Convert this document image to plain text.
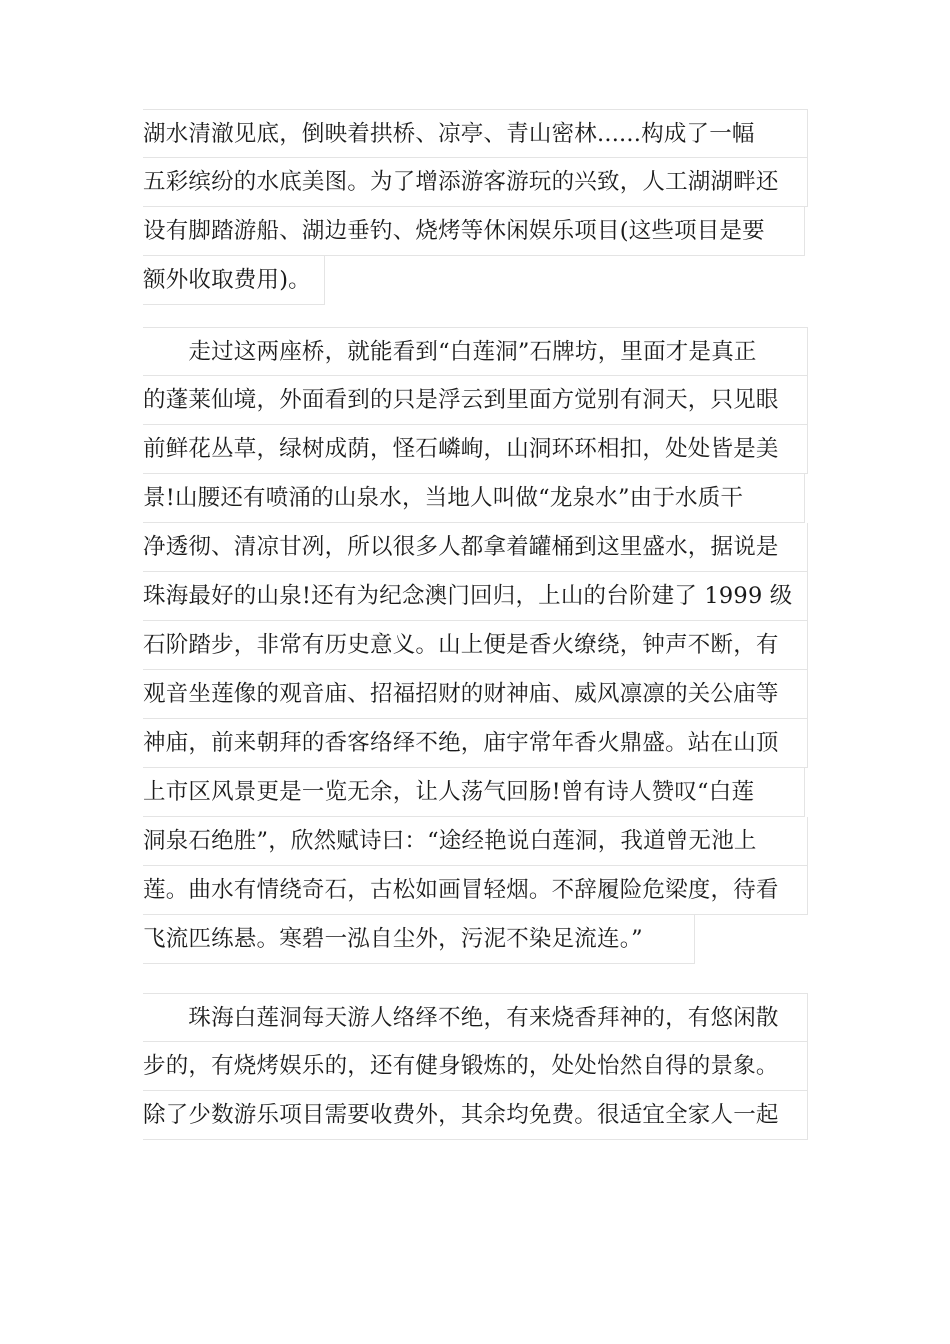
湖水清澈见底，倒映着拱桥、凉亭、青山密林......构成了一幅
五彩缤纷的水底美图。为了增添游客游玩的兴致，人工湖湖畔还
设有脚踏游船、湖边垂钓、烧烤等休闲娱乐项目(这些项目是要
额外收取费用)。
　　走过这两座桥，就能看到“白莲洞”石牌坊，里面才是真正
的蓬莱仙境，外面看到的只是浮云到里面方觉别有洞天，只见眼
前鲜花丛草，绿树成荫，怪石嶙峋，山洞环环相扣，处处皆是美
景!山腰还有喷涌的山泉水，当地人叫做“龙泉水”由于水质干
净透彻、清凉甘冽，所以很多人都拿着罐桶到这里盛水，据说是
珠海最好的山泉!还有为纪念澳门回归，上山的台阶建了 1999 级
石阶踏步，非常有历史意义。山上便是香火缭绕，钟声不断，有
观音坐莲像的观音庙、招福招财的财神庙、威风凛凛的关公庙等
神庙，前来朝拜的香客络绎不绝，庙宇常年香火鼎盛。站在山顶
上市区风景更是一览无余，让人荡气回肠!曾有诗人赞叹“白莲
洞泉石绝胜”，欣然赋诗曰：“途经艳说白莲洞，我道曾无池上
莲。曲水有情绕奇石，古松如画冒轻烟。不辞履险危梁度，待看
飞流匹练悬。寒碧一泓自尘外，污泥不染足流连。”
　　珠海白莲洞每天游人络绎不绝，有来烧香拜神的，有悠闲散
步的，有烧烤娱乐的，还有健身锻炼的，处处怡然自得的景象。
除了少数游乐项目需要收费外，其余均免费。很适宜全家人一起
